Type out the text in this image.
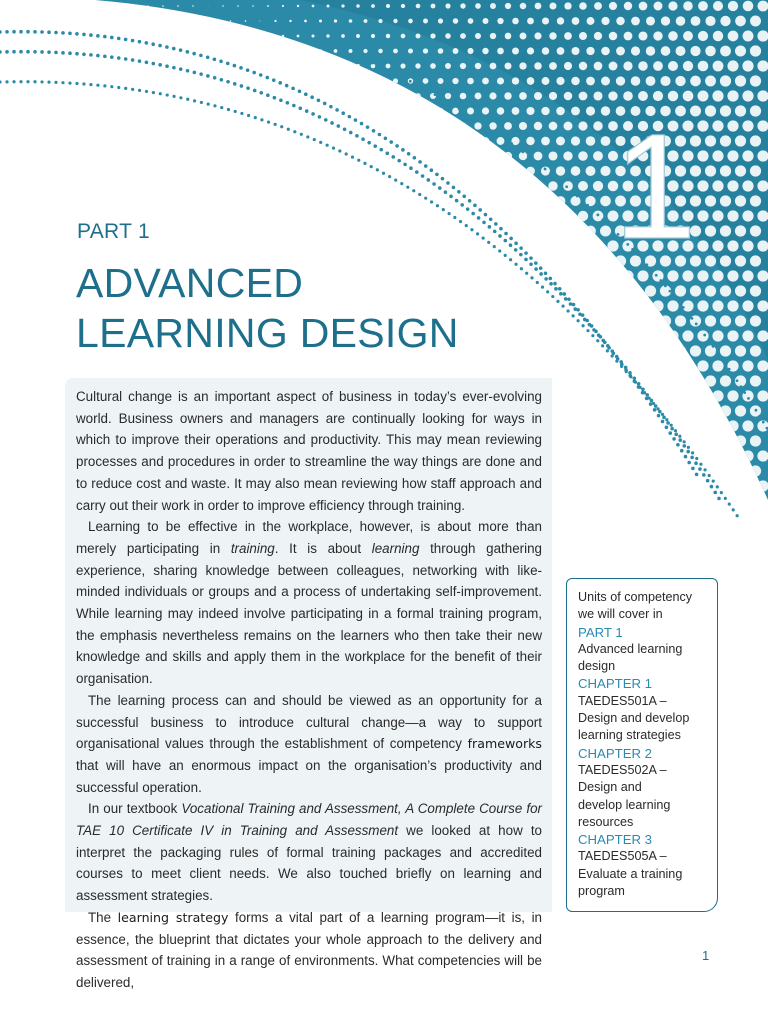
1
PART 1
ADVANCED
LEARNING DESIGN

Cultural change is an important aspect of business in today’s ever-evolving world. Business owners and managers are continually looking for ways in which to improve their operations and productivity. This may mean reviewing processes and procedures in order to streamline the way things are done and to reduce cost and waste. It may also mean reviewing how staff approach and carry out their work in order to improve efficiency through training.

Learning to be effective in the workplace, however, is about more than merely participating in training. It is about learning through gathering experience, sharing knowledge between colleagues, networking with like-minded individuals or groups and a process of undertaking self-improvement. While learning may indeed involve participating in a formal training program, the emphasis nevertheless remains on the learners who then take their new knowledge and skills and apply them in the workplace for the benefit of their organisation.

The learning process can and should be viewed as an opportunity for a successful business to introduce cultural change—a way to support organisational values through the establishment of competency frameworks that will have an enormous impact on the organisation’s productivity and successful operation.

In our textbook Vocational Training and Assessment, A Complete Course for TAE 10 Certificate IV in Training and Assessment we looked at how to interpret the packaging rules of formal training packages and accredited courses to meet client needs. We also touched briefly on learning and assessment strategies.

The learning strategy forms a vital part of a learning program—it is, in essence, the blueprint that dictates your whole approach to the delivery and assessment of training in a range of environments. What competencies will be delivered,

Units of competency
we will cover in
PART 1
Advanced learning
design
CHAPTER 1
TAEDES501A –
Design and develop
learning strategies
CHAPTER 2
TAEDES502A –
Design and
develop learning
resources
CHAPTER 3
TAEDES505A –
Evaluate a training
program
1
